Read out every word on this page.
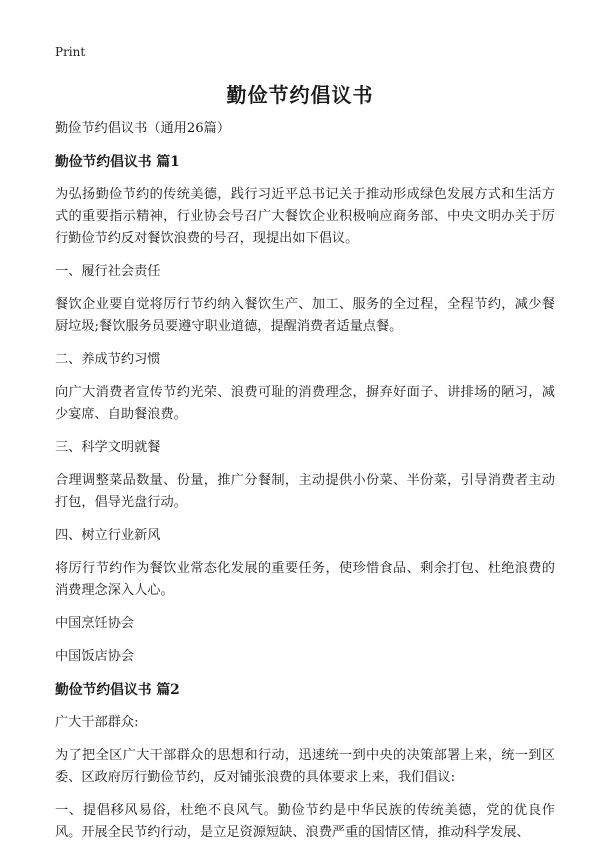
Print
勤俭节约倡议书

勤俭节约倡议书（通用26篇）

勤俭节约倡议书 篇1

为弘扬勤俭节约的传统美德，践行习近平总书记关于推动形成绿色发展方式和生活方式的重要指示精神，行业协会号召广大餐饮企业积极响应商务部、中央文明办关于厉行勤俭节约反对餐饮浪费的号召，现提出如下倡议。

一、履行社会责任

餐饮企业要自觉将厉行节约纳入餐饮生产、加工、服务的全过程，全程节约，减少餐厨垃圾;餐饮服务员要遵守职业道德，提醒消费者适量点餐。

二、养成节约习惯

向广大消费者宣传节约光荣、浪费可耻的消费理念，摒弃好面子、讲排场的陋习，减少宴席、自助餐浪费。

三、科学文明就餐

合理调整菜品数量、份量，推广分餐制，主动提供小份菜、半份菜，引导消费者主动打包，倡导光盘行动。

四、树立行业新风

将厉行节约作为餐饮业常态化发展的重要任务，使珍惜食品、剩余打包、杜绝浪费的消费理念深入人心。

中国烹饪协会

中国饭店协会

勤俭节约倡议书 篇2

广大干部群众:

为了把全区广大干部群众的思想和行动，迅速统一到中央的决策部署上来，统一到区委、区政府厉行勤俭节约，反对铺张浪费的具体要求上来，我们倡议:

一、提倡移风易俗，杜绝不良风气。勤俭节约是中华民族的传统美德，党的优良作风。开展全民节约行动，是立足资源短缺、浪费严重的国情区情，推动科学发展、
